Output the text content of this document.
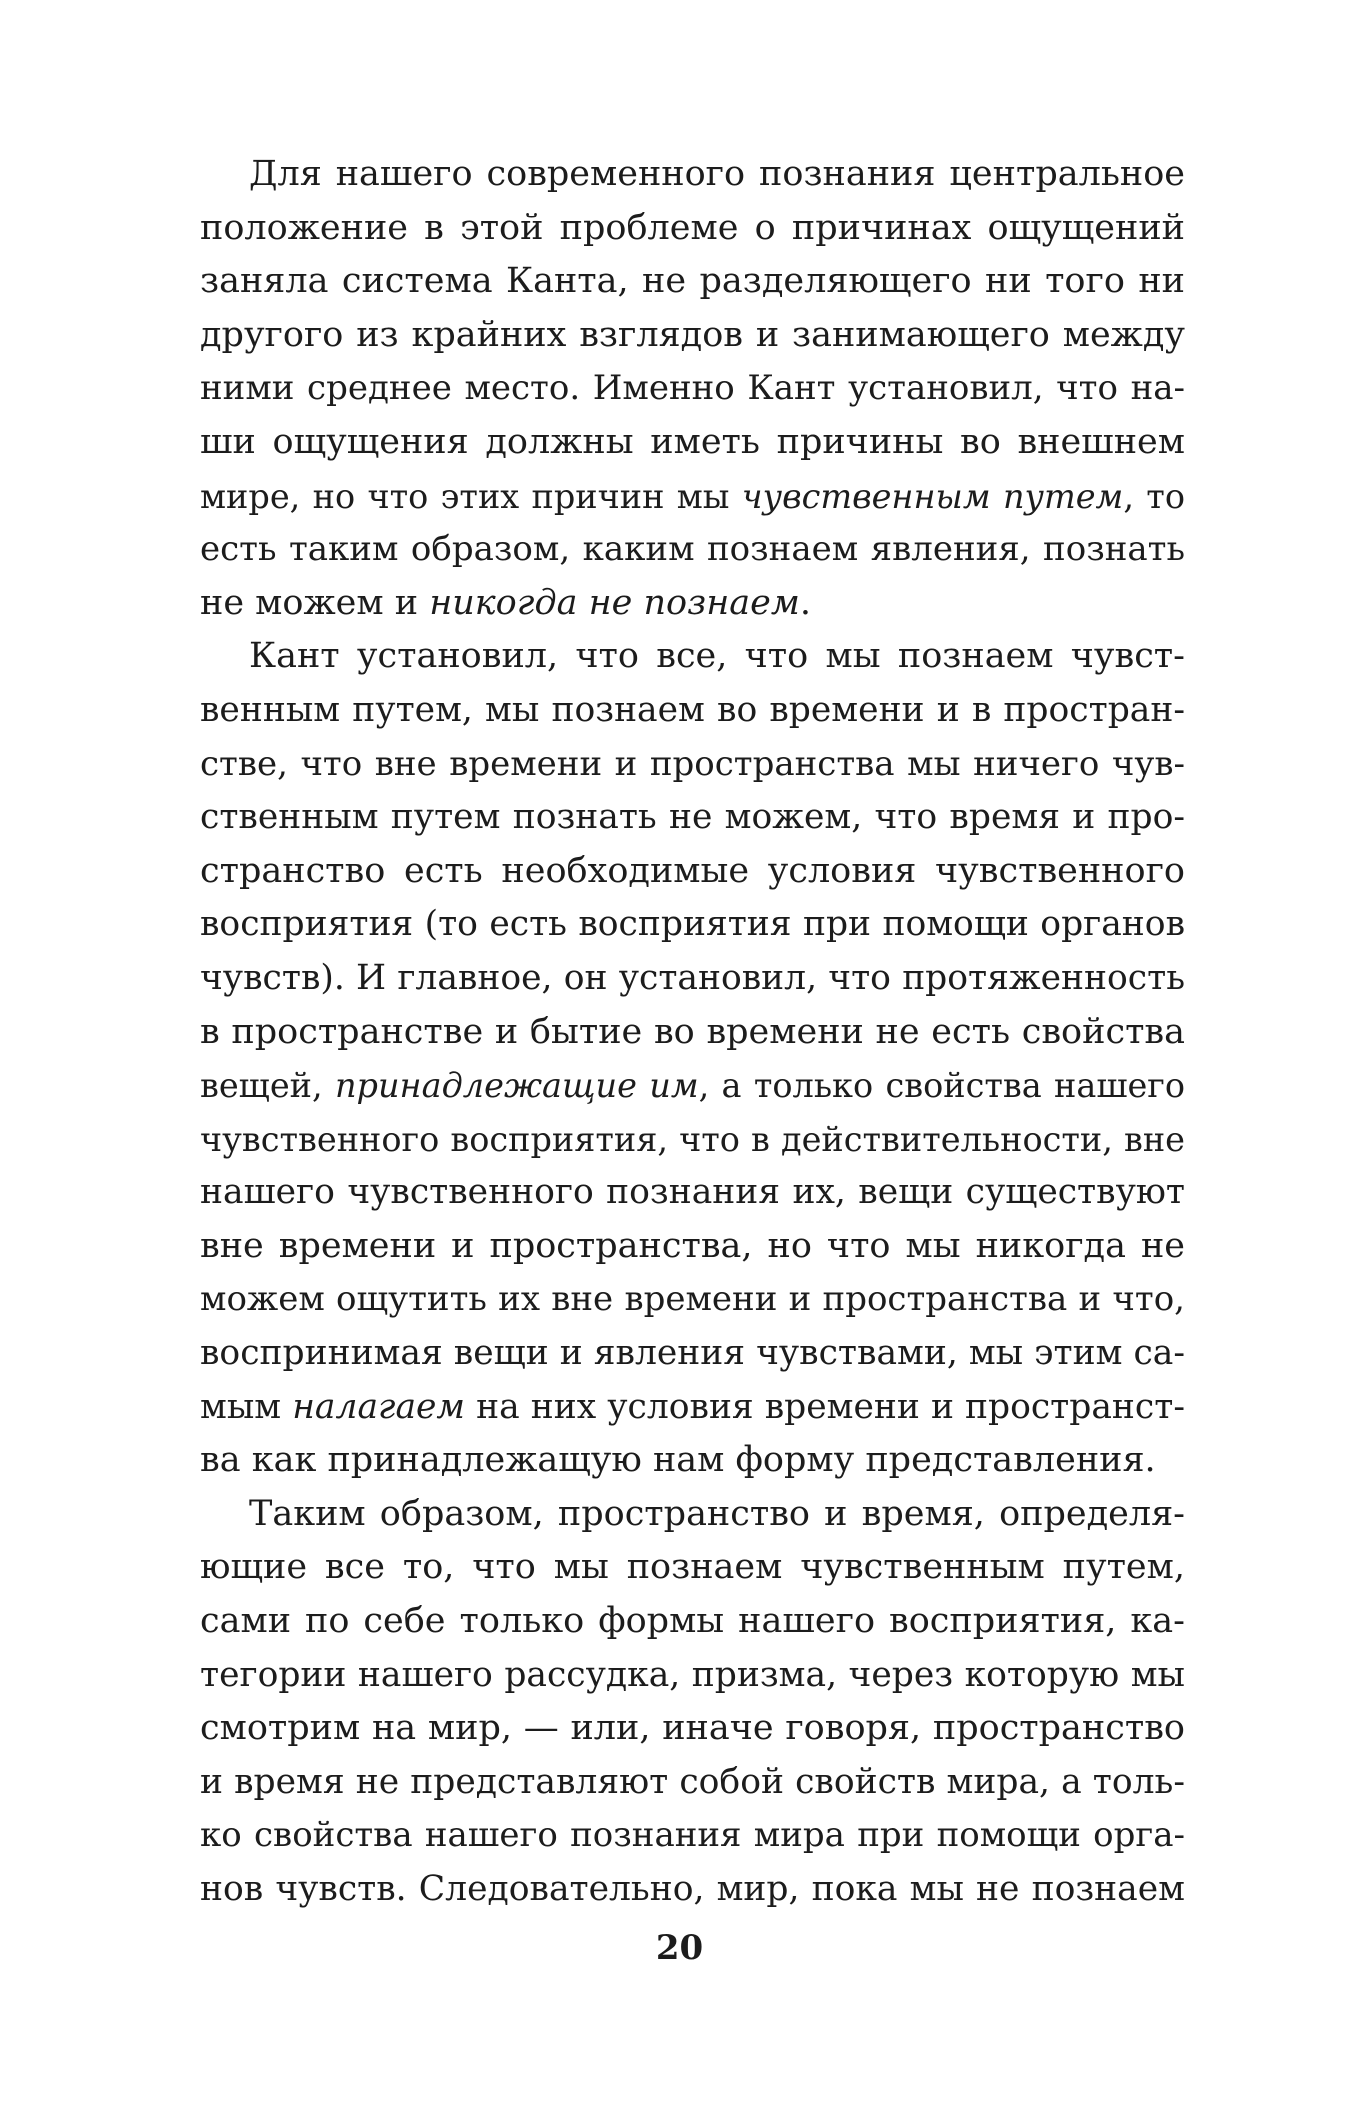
Для нашего современного познания центральное
положение в этой проблеме о причинах ощущений
заняла система Канта, не разделяющего ни того ни
другого из крайних взглядов и занимающего между
ними среднее место. Именно Кант установил, что на-
ши ощущения должны иметь причины во внешнем
мире, но что этих причин мы чувственным путем, то
есть таким образом, каким познаем явления, познать
не можем и никогда не познаем.
Кант установил, что все, что мы познаем чувст-
венным путем, мы познаем во времени и в простран-
стве, что вне времени и пространства мы ничего чув-
ственным путем познать не можем, что время и про-
странство есть необходимые условия чувственного
восприятия (то есть восприятия при помощи органов
чувств). И главное, он установил, что протяженность
в пространстве и бытие во времени не есть свойства
вещей, принадлежащие им, а только свойства нашего
чувственного восприятия, что в действительности, вне
нашего чувственного познания их, вещи существуют
вне времени и пространства, но что мы никогда не
можем ощутить их вне времени и пространства и что,
воспринимая вещи и явления чувствами, мы этим са-
мым налагаем на них условия времени и пространст-
ва как принадлежащую нам форму представления.
Таким образом, пространство и время, определя-
ющие все то, что мы познаем чувственным путем,
сами по себе только формы нашего восприятия, ка-
тегории нашего рассудка, призма, через которую мы
смотрим на мир, — или, иначе говоря, пространство
и время не представляют собой свойств мира, а толь-
ко свойства нашего познания мира при помощи орга-
нов чувств. Следовательно, мир, пока мы не познаем
20
